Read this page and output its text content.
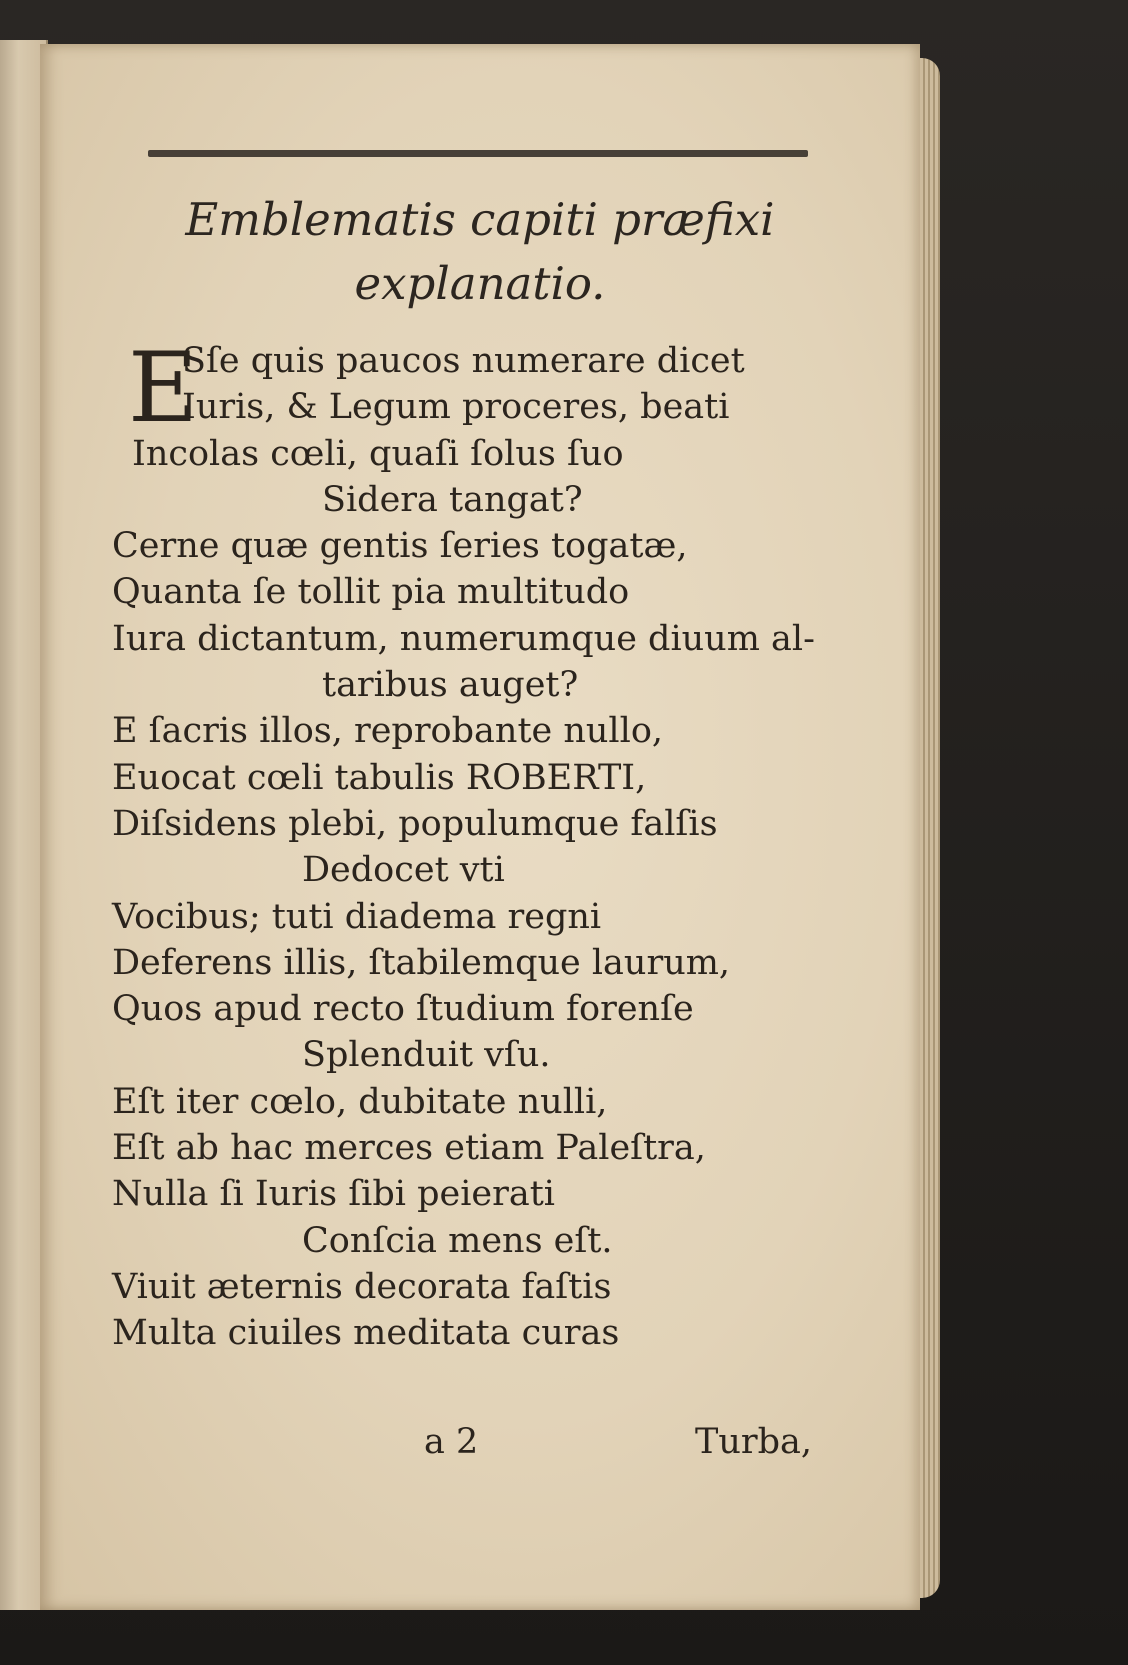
Emblematis capiti præfixi
explanatio.
E
Sſe quis paucos numerare dicet
Iuris, & Legum proceres, beati
Incolas cœli, quaſi ſolus ſuo
Sidera tangat?
Cerne quæ gentis ſeries togatæ,
Quanta ſe tollit pia multitudo
Iura dictantum, numerumque diuum al-
taribus auget?
E ſacris illos, reprobante nullo,
Euocat cœli tabulis ROBERTI,
Diſsidens plebi, populumque falſis
Dedocet vti
Vocibus; tuti diadema regni
Deferens illis, ſtabilemque laurum,
Quos apud recto ſtudium forenſe
Splenduit vſu.
Eſt iter cœlo, dubitate nulli,
Eſt ab hac merces etiam Paleſtra,
Nulla ſi Iuris ſibi peierati
Conſcia mens eſt.
Viuit æternis decorata faſtis
Multa ciuiles meditata curas
a 2	Turba,
